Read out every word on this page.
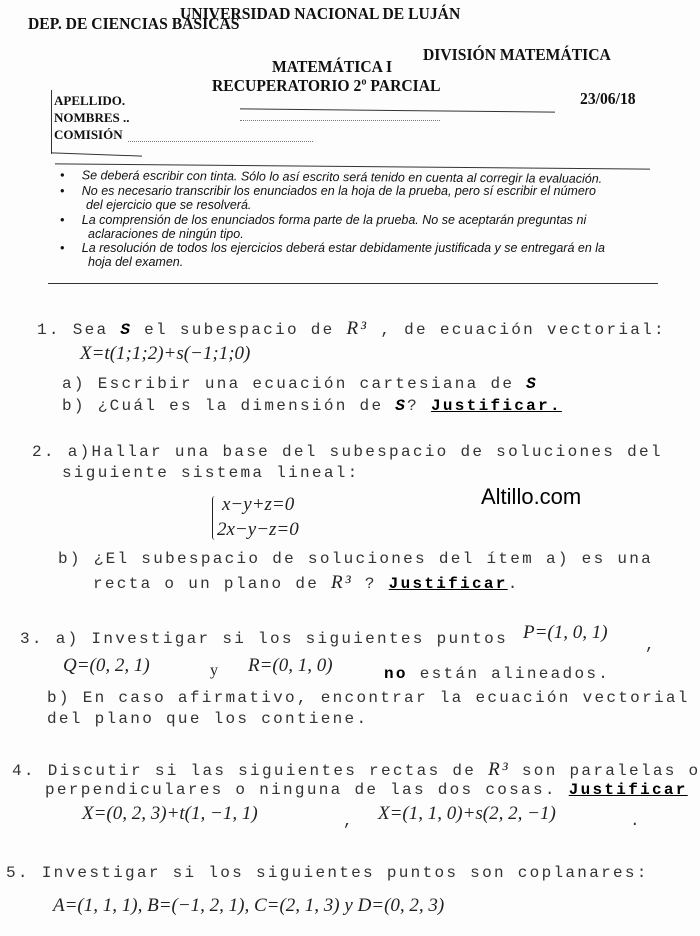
UNIVERSIDAD NACIONAL DE LUJÁN
DEP. DE CIENCIAS BÁSICAS
DIVISIÓN MATEMÁTICA
MATEMÁTICA I
RECUPERATORIO 2º PARCIAL
23/06/18
APELLIDO.
NOMBRES ..
COMISIÓN
•     Se deberá escribir con tinta. Sólo lo así escrito será tenido en cuenta al corregir la evaluación.
•     No es necesario transcribir los enunciados en la hoja de la prueba, pero sí escribir el número
del ejercicio que se resolverá.
•     La comprensión de los enunciados forma parte de la prueba. No se aceptarán preguntas ni
aclaraciones de ningún tipo.
•     La resolución de todos los ejercicios deberá estar debidamente justificada y se entregará en la
hoja del examen.
1. Sea S el subespacio de R³ , de ecuación vectorial:
X=t(1;1;2)+s(−1;1;0)
a) Escribir una ecuación cartesiana de S
b) ¿Cuál es la dimensión de S? Justificar.
2. a)Hallar una base del subespacio de soluciones del
siguiente sistema lineal:
x−y+z=0
2x−y−z=0
Altillo.com
b) ¿El subespacio de soluciones del ítem a) es una
recta o un plano de R³ ? Justificar.
3. a) Investigar si los siguientes puntos P=(1, 0, 1)
,
Q=(0, 2, 1)	y R=(0, 1, 0)	no están alineados.
b) En caso afirmativo, encontrar la ecuación vectorial
del plano que los contiene.
4. Discutir si las siguientes rectas de R³ son paralelas o
perpendiculares o ninguna de las dos cosas. Justificar
X=(0, 2, 3)+t(1, −1, 1)	, X=(1, 1, 0)+s(2, 2, −1)	.
5. Investigar si los siguientes puntos son coplanares:
A=(1, 1, 1), B=(−1, 2, 1), C=(2, 1, 3) y D=(0, 2, 3)
